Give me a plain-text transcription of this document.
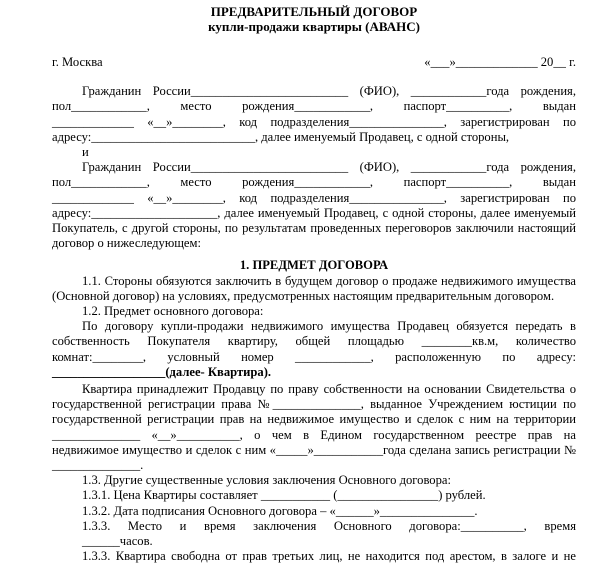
ПРЕДВАРИТЕЛЬНЫЙ ДОГОВОР

купли-продажи квартиры (АВАНС)

г. Москва	«___»_____________ 20__ г.

Гражданин России_________________________ (ФИО), ____________года рождения,

пол____________, место рождения____________, паспорт__________, выдан

_____________ «__»________, код подразделения_______________, зарегистрирован по

адресу:__________________________, далее именуемый Продавец, с одной стороны,

и

Гражданин России_________________________ (ФИО), ____________года рождения,

пол____________, место рождения____________, паспорт__________, выдан

_____________ «__»________, код подразделения_______________, зарегистрирован по

адресу:____________________, далее именуемый Продавец, с одной стороны, далее именуемый

Покупатель, с другой стороны, по результатам проведенных переговоров заключили настоящий

договор о нижеследующем:

1. ПРЕДМЕТ ДОГОВОРА

1.1. Стороны обязуются заключить в будущем договор о продаже недвижимого имущества

(Основной договор) на условиях, предусмотренных настоящим предварительным договором.

1.2. Предмет основного договора:

По договору купли-продажи недвижимого имущества Продавец обязуется передать в

собственность Покупателя квартиру, общей площадью ________кв.м, количество

комнат:________, условный номер ____________, расположенную по адресу:

__________________(далее- Квартира).

Квартира принадлежит Продавцу по праву собственности на основании Свидетельства о

государственной регистрации права №______________, выданное Учреждением юстиции по

государственной регистрации прав на недвижимое имущество и сделок с ним на территории

______________ «__»__________, о чем в Едином государственном реестре прав на

недвижимое имущество и сделок с ним «_____»___________года сделана запись регистрации №

______________.

1.3. Другие существенные условия заключения Основного договора:

1.3.1. Цена Квартиры составляет ___________ (________________) рублей.

1.3.2. Дата подписания Основного договора – «______»_______________.

1.3.3. Место и время заключения Основного договора:__________, время

______часов.

1.3.3. Квартира свободна от прав третьих лиц, не находится под арестом, в залоге и не
